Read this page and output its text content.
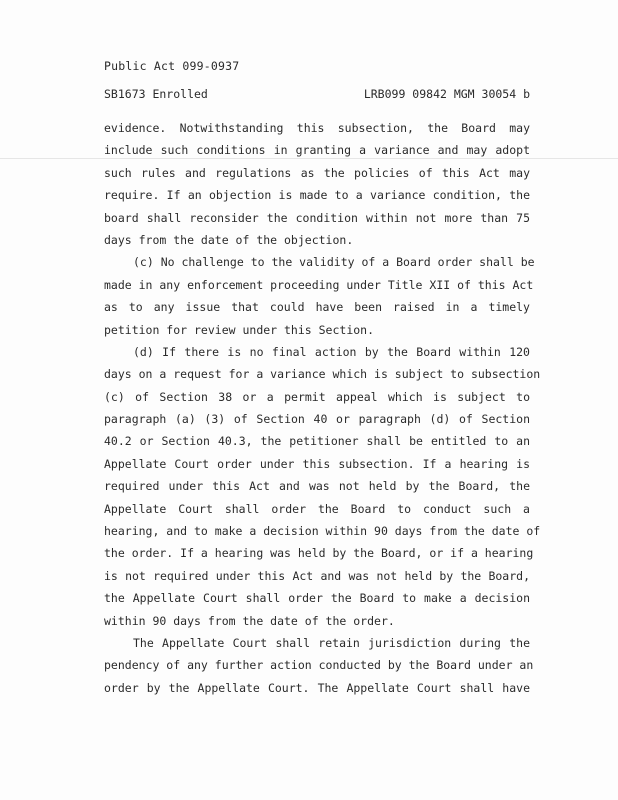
Public Act 099-0937
SB1673 Enrolled	LRB099 09842 MGM 30054 b
evidence. Notwithstanding this subsection, the Board may
include such conditions in granting a variance and may adopt
such rules and regulations as the policies of this Act may
require. If an objection is made to a variance condition, the
board shall reconsider the condition within not more than 75
days from the date of the objection.
(c) No challenge to the validity of a Board order shall be
made in any enforcement proceeding under Title XII of this Act
as to any issue that could have been raised in a timely
petition for review under this Section.
(d) If there is no final action by the Board within 120
days on a request for a variance which is subject to subsection
(c) of Section 38 or a permit appeal which is subject to
paragraph (a) (3) of Section 40 or paragraph (d) of Section
40.2 or Section 40.3, the petitioner shall be entitled to an
Appellate Court order under this subsection. If a hearing is
required under this Act and was not held by the Board, the
Appellate Court shall order the Board to conduct such a
hearing, and to make a decision within 90 days from the date of
the order. If a hearing was held by the Board, or if a hearing
is not required under this Act and was not held by the Board,
the Appellate Court shall order the Board to make a decision
within 90 days from the date of the order.
The Appellate Court shall retain jurisdiction during the
pendency of any further action conducted by the Board under an
order by the Appellate Court. The Appellate Court shall have
